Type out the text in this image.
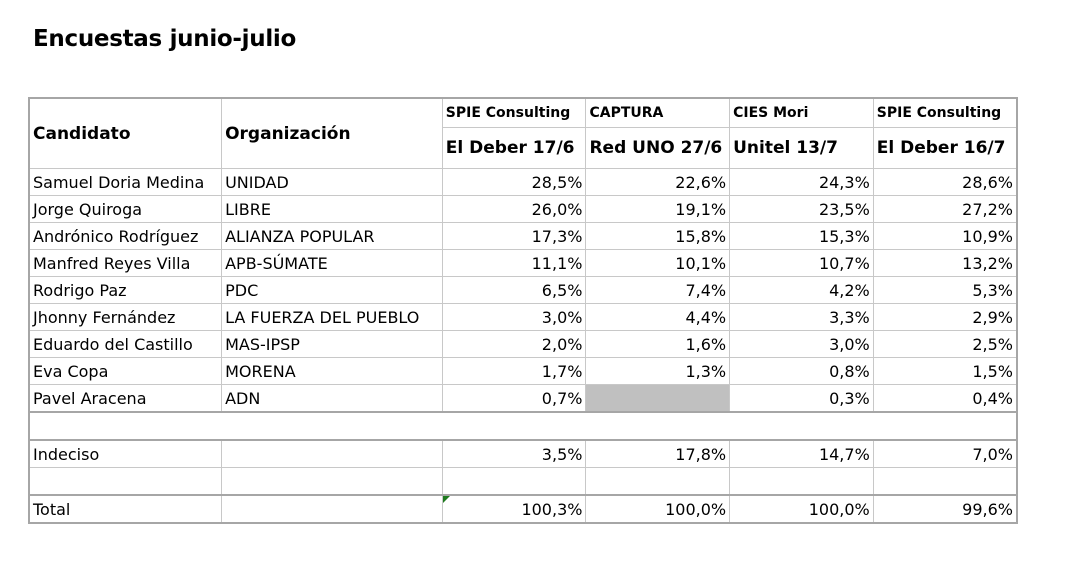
Encuestas junio-julio
Candidato	Organización	SPIE Consulting	CAPTURA	CIES Mori	SPIE Consulting
		El Deber 17/6	Red UNO 27/6	Unitel 13/7	El Deber 16/7
Samuel Doria Medina	UNIDAD	28,5%	22,6%	24,3%	28,6%
Jorge Quiroga	LIBRE	26,0%	19,1%	23,5%	27,2%
Andrónico Rodríguez	ALIANZA POPULAR	17,3%	15,8%	15,3%	10,9%
Manfred Reyes Villa	APB-SÚMATE	11,1%	10,1%	10,7%	13,2%
Rodrigo Paz	PDC	6,5%	7,4%	4,2%	5,3%
Jhonny Fernández	LA FUERZA DEL PUEBLO	3,0%	4,4%	3,3%	2,9%
Eduardo del Castillo	MAS-IPSP	2,0%	1,6%	3,0%	2,5%
Eva Copa	MORENA	1,7%	1,3%	0,8%	1,5%
Pavel Aracena	ADN	0,7%		0,3%	0,4%

Indeciso		3,5%	17,8%	14,7%	7,0%

Total		100,3%	100,0%	100,0%	99,6%
